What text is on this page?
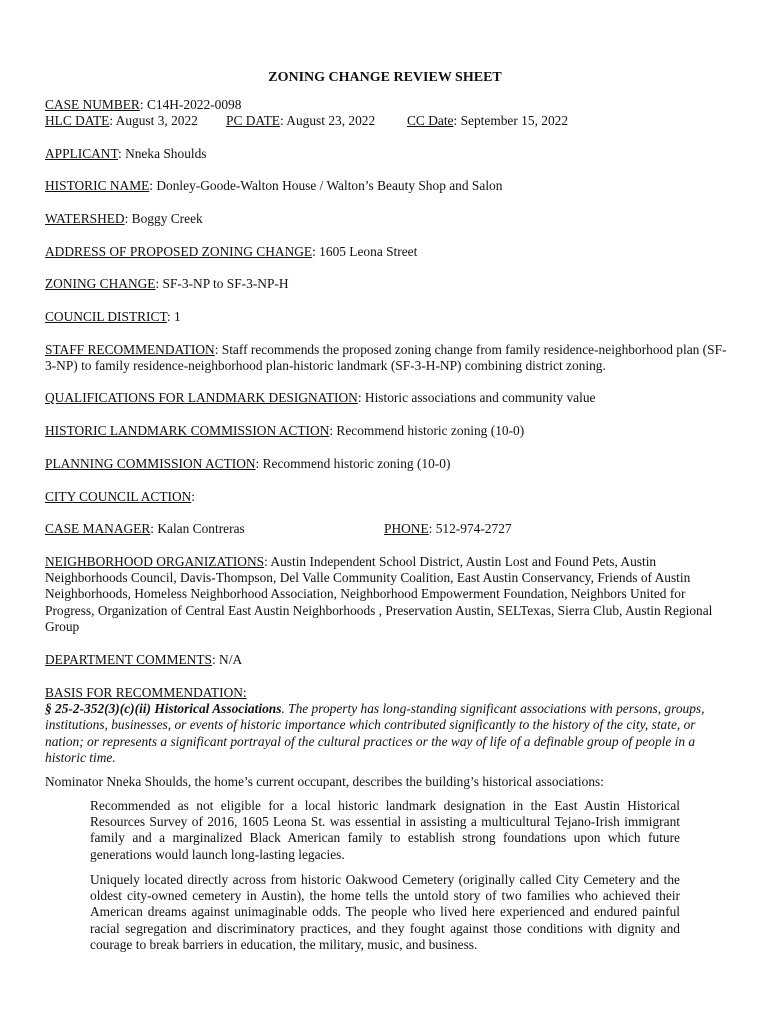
ZONING CHANGE REVIEW SHEET
CASE NUMBER: C14H-2022-0098
HLC DATE: August 3, 2022 PC DATE: August 23, 2022 CC Date: September 15, 2022
APPLICANT: Nneka Shoulds
HISTORIC NAME: Donley-Goode-Walton House / Walton’s Beauty Shop and Salon
WATERSHED: Boggy Creek
ADDRESS OF PROPOSED ZONING CHANGE: 1605 Leona Street
ZONING CHANGE: SF-3-NP to SF-3-NP-H
COUNCIL DISTRICT: 1
STAFF RECOMMENDATION: Staff recommends the proposed zoning change from family residence-neighborhood plan (SF-3-NP) to family residence-neighborhood plan-historic landmark (SF-3-H-NP) combining district zoning.
QUALIFICATIONS FOR LANDMARK DESIGNATION: Historic associations and community value
HISTORIC LANDMARK COMMISSION ACTION: Recommend historic zoning (10-0)
PLANNING COMMISSION ACTION: Recommend historic zoning (10-0)
CITY COUNCIL ACTION:
CASE MANAGER: Kalan Contreras	PHONE: 512-974-2727
NEIGHBORHOOD ORGANIZATIONS: Austin Independent School District, Austin Lost and Found Pets, Austin Neighborhoods Council, Davis-Thompson, Del Valle Community Coalition, East Austin Conservancy, Friends of Austin Neighborhoods, Homeless Neighborhood Association, Neighborhood Empowerment Foundation, Neighbors United for Progress, Organization of Central East Austin Neighborhoods , Preservation Austin, SELTexas, Sierra Club, Austin Regional Group
DEPARTMENT COMMENTS: N/A
BASIS FOR RECOMMENDATION:
§ 25-2-352(3)(c)(ii) Historical Associations. The property has long-standing significant associations with persons, groups, institutions, businesses, or events of historic importance which contributed significantly to the history of the city, state, or nation; or represents a significant portrayal of the cultural practices or the way of life of a definable group of people in a historic time.
Nominator Nneka Shoulds, the home’s current occupant, describes the building’s historical associations:
Recommended as not eligible for a local historic landmark designation in the East Austin Historical Resources Survey of 2016, 1605 Leona St. was essential in assisting a multicultural Tejano-Irish immigrant family and a marginalized Black American family to establish strong foundations upon which future generations would launch long-lasting legacies.
Uniquely located directly across from historic Oakwood Cemetery (originally called City Cemetery and the oldest city-owned cemetery in Austin), the home tells the untold story of two families who achieved their American dreams against unimaginable odds. The people who lived here experienced and endured painful racial segregation and discriminatory practices, and they fought against those conditions with dignity and courage to break barriers in education, the military, music, and business.
